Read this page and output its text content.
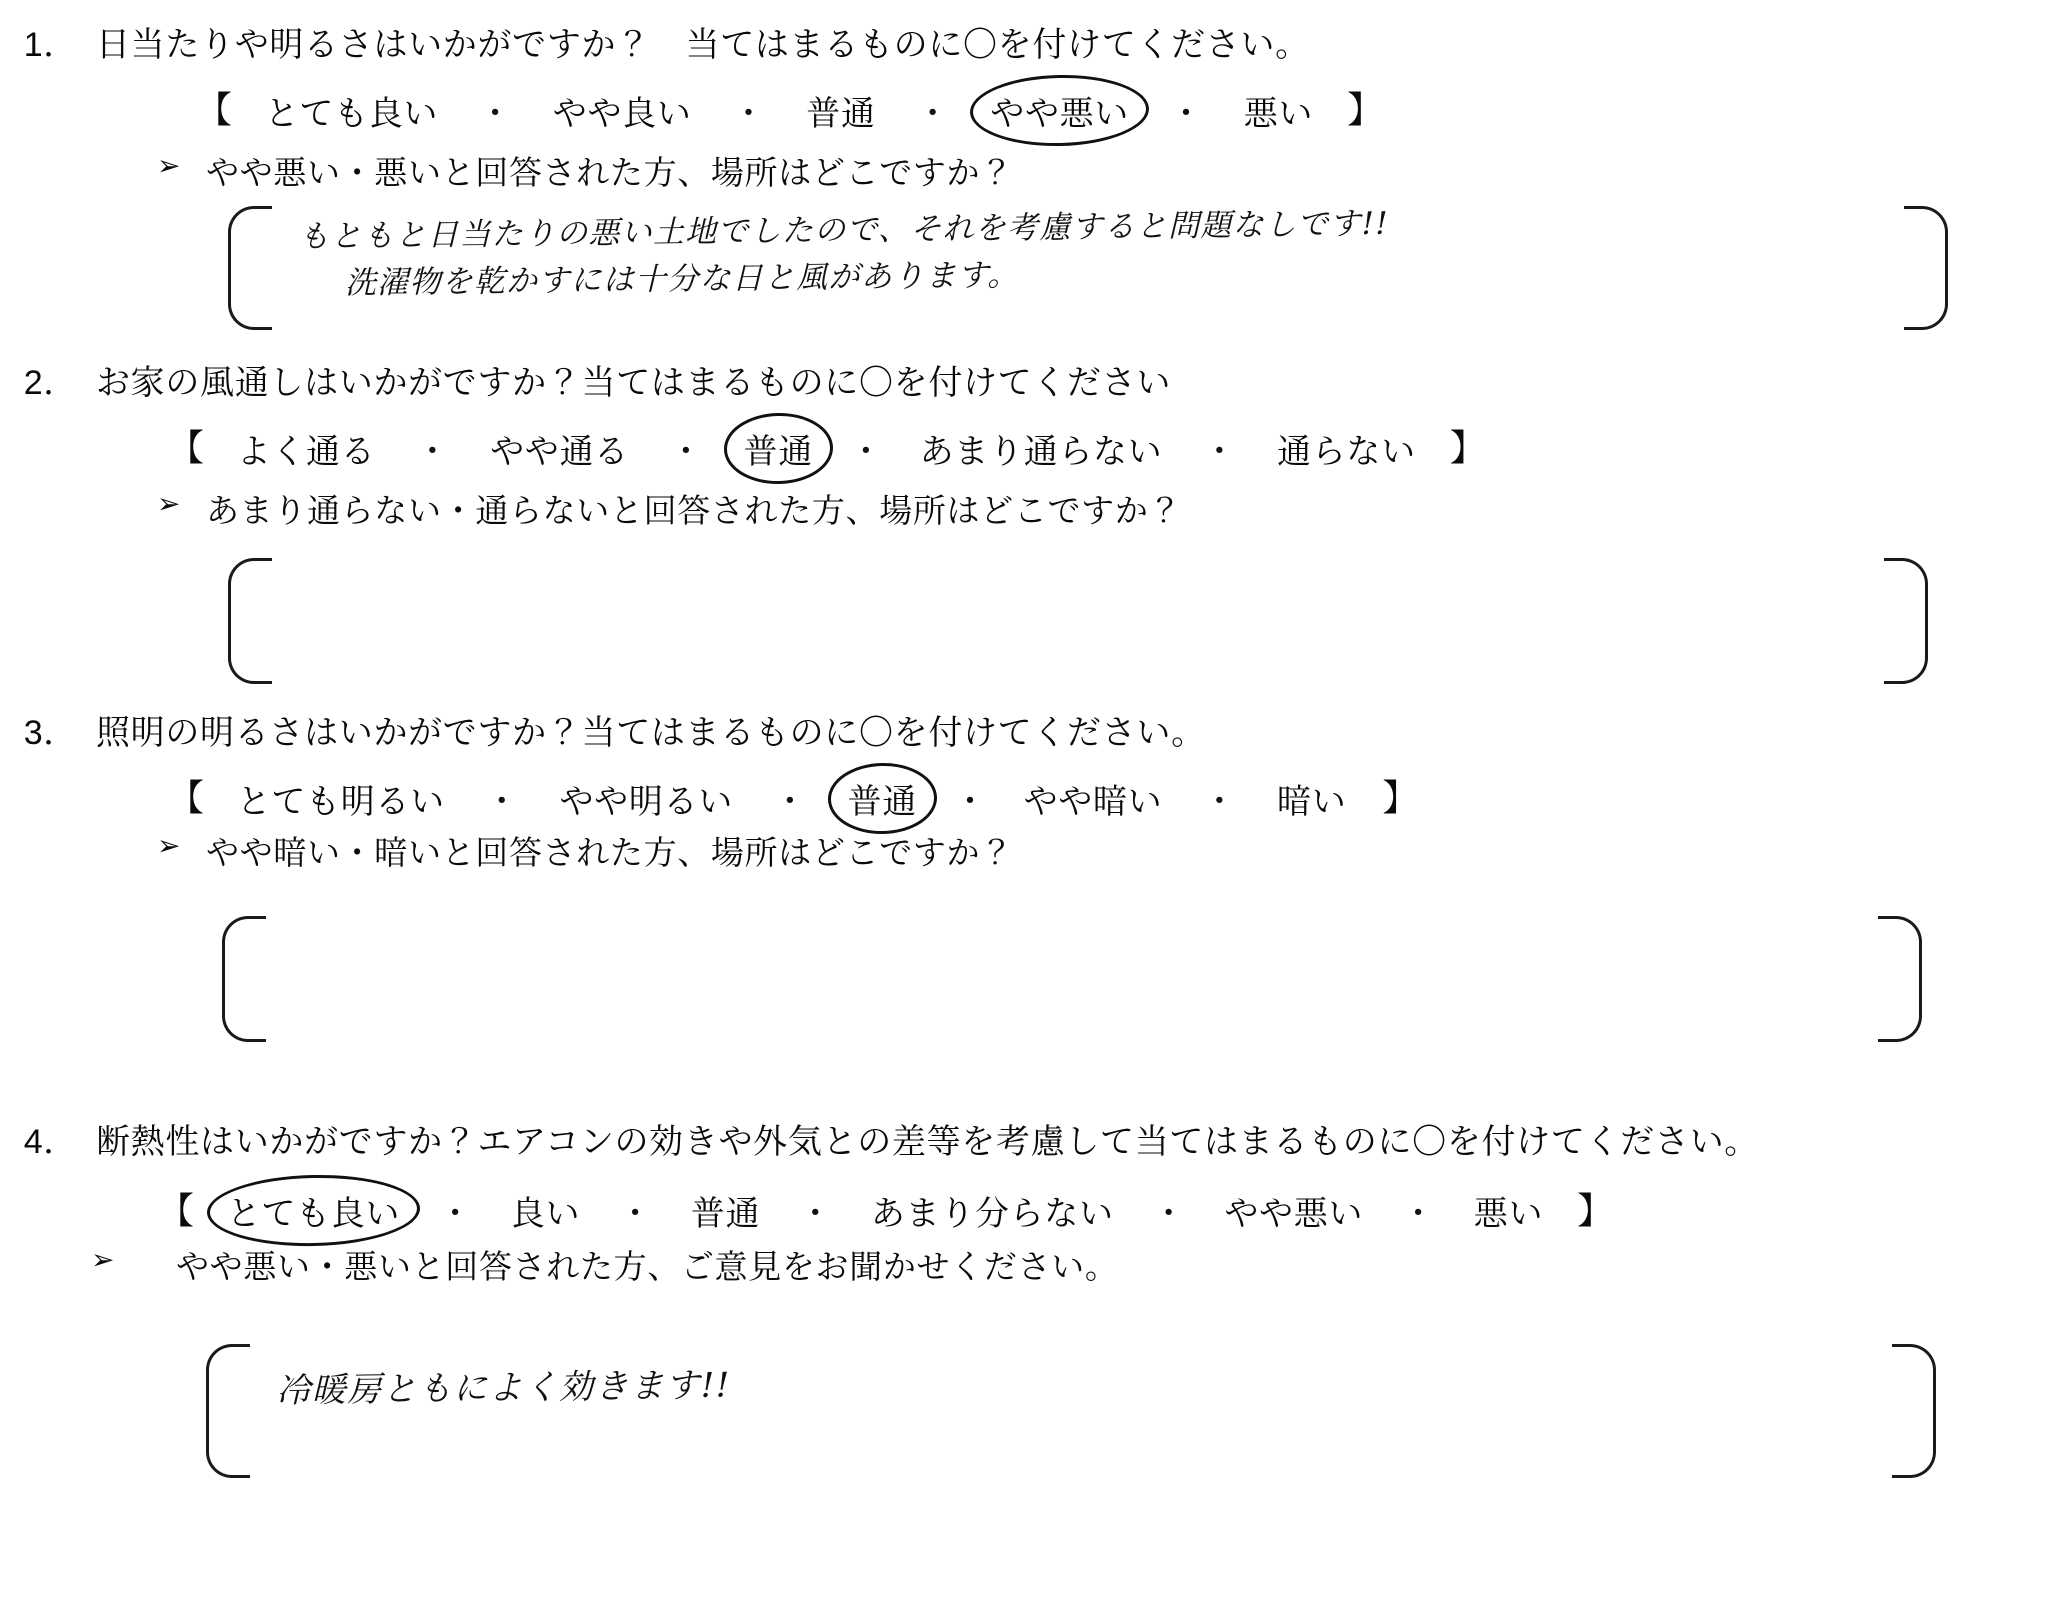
1． 日当たりや明るさはいかがですか？　当てはまるものに〇を付けてください。
【 とても良い ・ やや良い ・ 普通 ・ やや悪い ・ 悪い 】
➢ やや悪い・悪いと回答された方、場所はどこですか？
もともと日当たりの悪い土地でしたので、それを考慮すると問題なしです!!
洗濯物を乾かすには十分な日と風があります。
2． お家の風通しはいかがですか？当てはまるものに〇を付けてください
【 よく通る ・ やや通る ・ 普通 ・ あまり通らない ・ 通らない 】
➢ あまり通らない・通らないと回答された方、場所はどこですか？
3． 照明の明るさはいかがですか？当てはまるものに〇を付けてください。
【 とても明るい ・ やや明るい ・ 普通 ・ やや暗い ・ 暗い 】
➢ やや暗い・暗いと回答された方、場所はどこですか？
4． 断熱性はいかがですか？エアコンの効きや外気との差等を考慮して当てはまるものに〇を付けてください。
【 とても良い ・ 良い ・ 普通 ・ あまり分らない ・ やや悪い ・ 悪い 】
➢	やや悪い・悪いと回答された方、ご意見をお聞かせください。
冷暖房ともによく効きます!!
